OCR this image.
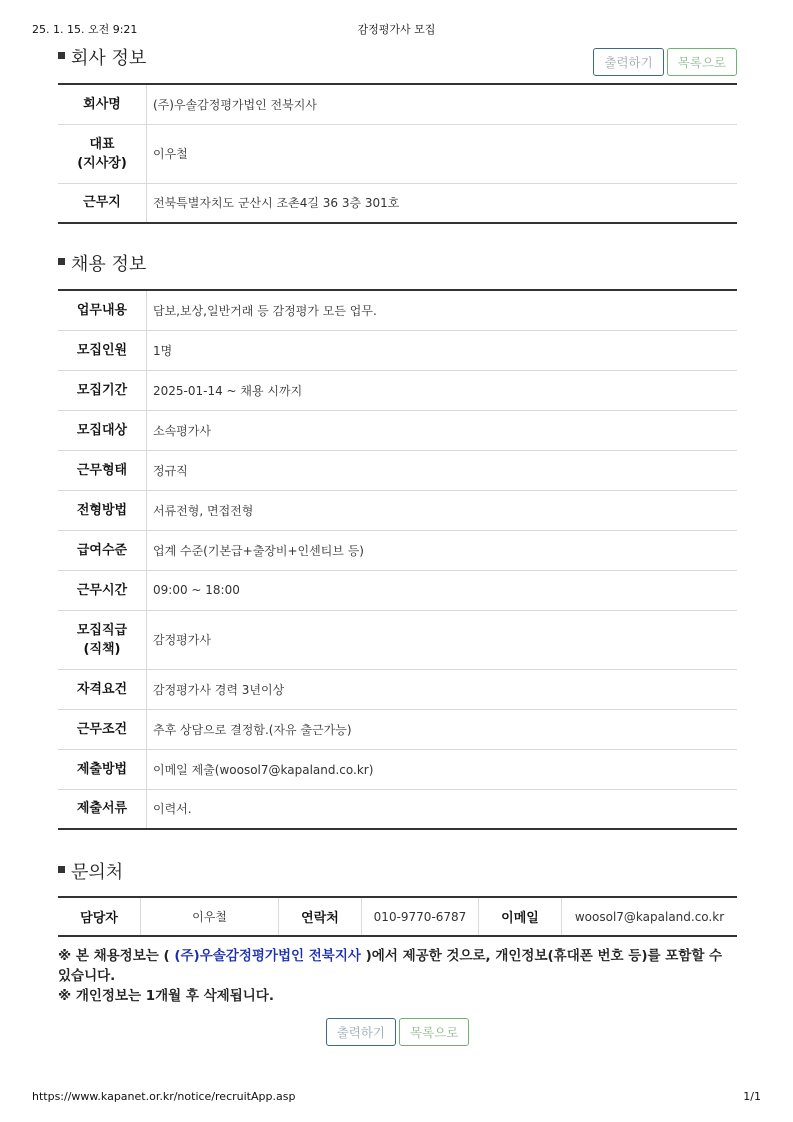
25. 1. 15. 오전 9:21	감정평가사 모집
회사 정보	출력하기 목록으로
회사명	(주)우솔감정평가법인 전북지사
대표
(지사장)	이우철
근무지	전북특별자치도 군산시 조촌4길 36 3층 301호
채용 정보
업무내용	담보,보상,일반거래 등 감정평가 모든 업무.
모집인원	1명
모집기간	2025-01-14 ~ 채용 시까지
모집대상	소속평가사
근무형태	정규직
전형방법	서류전형, 면접전형
급여수준	업계 수준(기본급+출장비+인센티브 등)
근무시간	09:00 ~ 18:00
모집직급
(직책)	감정평가사
자격요건	감정평가사 경력 3년이상
근무조건	추후 상담으로 결정함.(자유 출근가능)
제출방법	이메일 제출(woosol7@kapaland.co.kr)
제출서류	이력서.
문의처
담당자	이우철	연락처	010-9770-6787	이메일	woosol7@kapaland.co.kr
※ 본 채용정보는 ( (주)우솔감정평가법인 전북지사 )에서 제공한 것으로, 개인정보(휴대폰 번호 등)를 포함할 수 있습니다.
※ 개인정보는 1개월 후 삭제됩니다.
출력하기 목록으로
https://www.kapanet.or.kr/notice/recruitApp.asp	1/1
